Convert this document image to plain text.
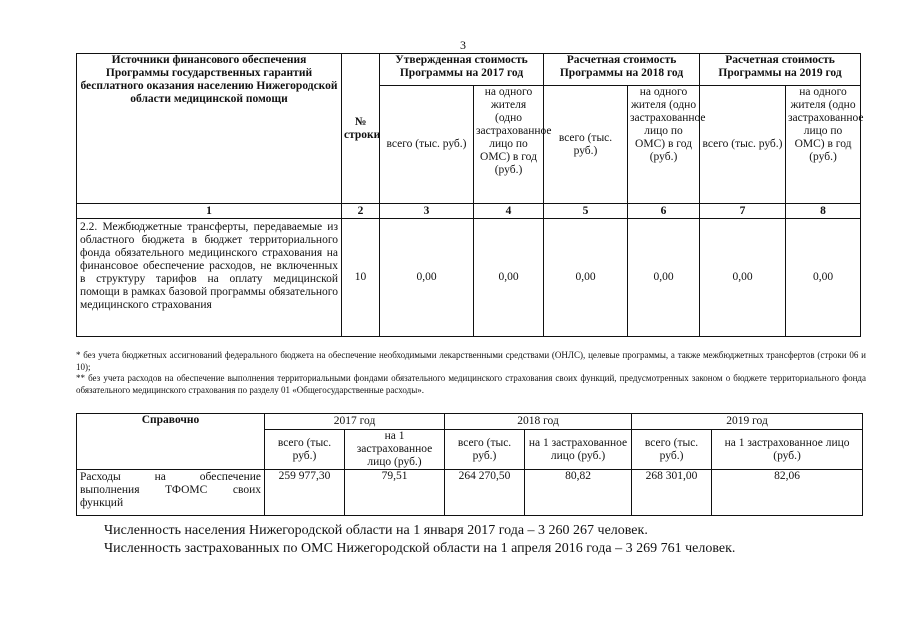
3
Источники финансового обеспечения Программы государственных гарантий бесплатного оказания населению Нижегородской области медицинской помощи	№ строки	Утвержденная стоимость Программы на 2017 год		Расчетная стоимость Программы на 2018 год		Расчетная стоимость Программы на 2019 год	
		всего (тыс. руб.)	на одного жителя (одно застрахованное лицо по ОМС) в год (руб.)	всего (тыс. руб.)	на одного жителя (одно застрахованное лицо по ОМС) в год (руб.)	всего (тыс. руб.)	на одного жителя (одно застрахованное лицо по ОМС) в год (руб.)
1	2	3	4	5	6	7	8
2.2. Межбюджетные трансферты, передаваемые из областного бюджета в бюджет территориального фонда обязательного медицинского страхования на финансовое обеспечение расходов, не включенных в структуру тарифов на оплату медицинской помощи в рамках базовой программы обязательного медицинского страхования	10	0,00	0,00	0,00	0,00	0,00	0,00

* без учета бюджетных ассигнований федерального бюджета на обеспечение необходимыми лекарственными средствами (ОНЛС), целевые программы, а также межбюджетных трансфертов (строки 06 и 10);

** без учета расходов на обеспечение выполнения территориальными фондами обязательного медицинского страхования своих функций, предусмотренных законом о бюджете территориального фонда обязательного медицинского страхования по разделу 01 «Общегосударственные расходы».

Справочно	2017 год		2018 год		2019 год	
	всего (тыс. руб.)	на 1 застрахованное лицо (руб.)	всего (тыс. руб.)	на 1 застрахованное лицо (руб.)	всего (тыс. руб.)	на 1 застрахованное лицо (руб.)
Расходы на обеспечение выполнения ТФОМС своих функций	259 977,30	79,51	264 270,50	80,82	268 301,00	82,06
Численность населения Нижегородской области на 1 января 2017 года – 3 260 267 человек.
Численность застрахованных по ОМС Нижегородской области на 1 апреля 2016 года – 3 269 761 человек.
